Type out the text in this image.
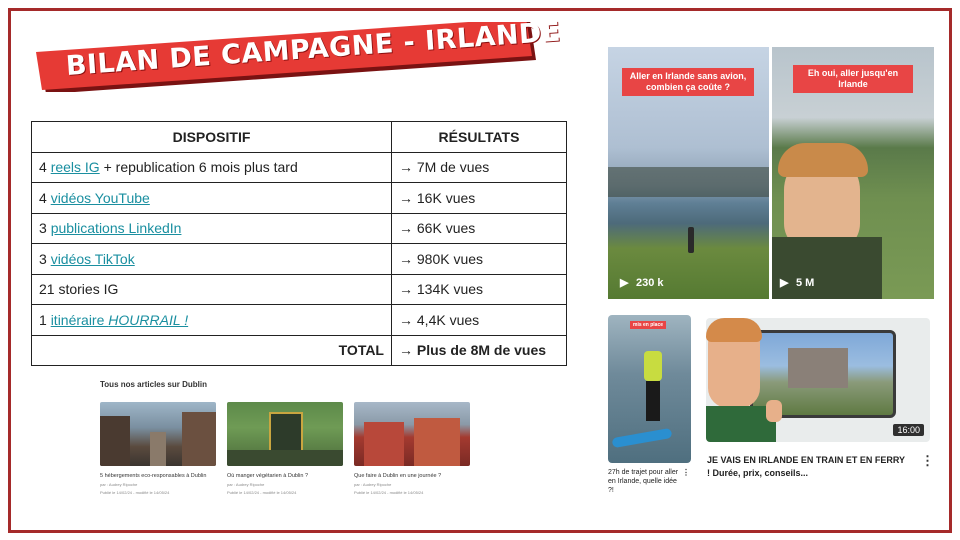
BILAN DE CAMPAGNE - IRLANDE
DISPOSITIF	RÉSULTATS
4 reels IG + republication 6 mois plus tard	→ 7M de vues
4 vidéos YouTube	→ 16K vues
3 publications LinkedIn	→ 66K vues
3 vidéos TikTok	→ 980K vues
21 stories IG	→ 134K vues
1 itinéraire HOURRAIL !	→ 4,4K vues
TOTAL	→ Plus de 8M de vues
Tous nos articles sur Dublin
5 hébergements eco-responsables à Dublin
par : Audrey Ripoche
Publié le 14/02/24 - modifié le 14/05/24
Où manger végétarien à Dublin ?
par : Audrey Ripoche
Publié le 14/02/24 - modifié le 14/05/24
Que faire à Dublin en une journée ?
par : Audrey Ripoche
Publié le 14/02/24 - modifié le 14/05/24
Aller en Irlande sans avion, combien ça coûte ?
▶ 230 k
Eh oui, aller jusqu'en Irlande
▶ 5 M
mis en place
27h de trajet pour aller en Irlande, quelle idée ?!
⋮
16:00
JE VAIS EN IRLANDE EN TRAIN ET EN FERRY ! Durée, prix, conseils...
⋮
